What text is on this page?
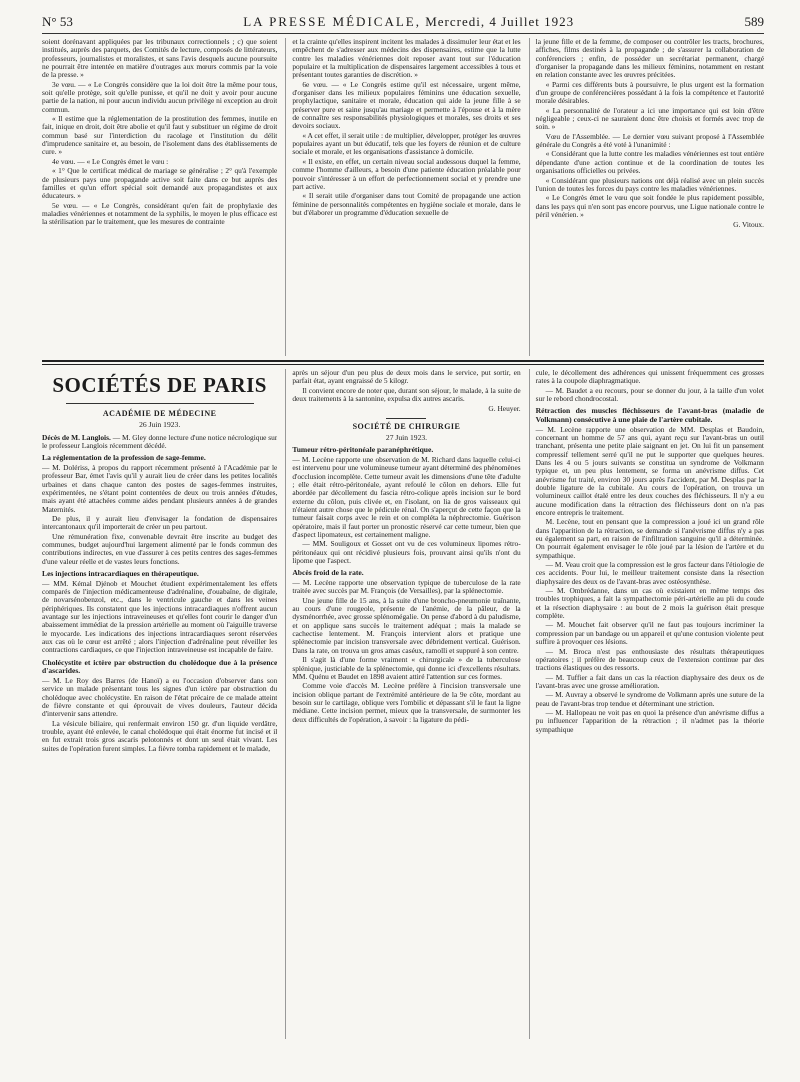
N° 53	LA PRESSE MÉDICALE, Mercredi, 4 Juillet 1923	589

soient dorénavant appliquées par les tribunaux correctionnels ; c) que soient institués, auprès des parquets, des Comités de lecture, composés de littérateurs, professeurs, journalistes et moralistes, et sans l'avis desquels aucune poursuite ne pourrait être intentée en matière d'outrages aux mœurs commis par la voie de la presse. »

3e vœu. — « Le Congrès considère que la loi doit être la même pour tous, soit qu'elle protège, soit qu'elle punisse, et qu'il ne doit y avoir pour aucune partie de la nation, ni pour aucun individu aucun privilège ni exception au droit commun.

« Il estime que la réglementation de la prostitution des femmes, inutile en fait, inique en droit, doit être abolie et qu'il faut y substituer un régime de droit commun basé sur l'interdiction du racolage et l'institution du délit d'imprudence sanitaire et, au besoin, de l'isolement dans des établissements de cure. »

4e vœu. — « Le Congrès émet le vœu :

« 1° Que le certificat médical de mariage se généralise ; 2° qu'à l'exemple de plusieurs pays une propagande active soit faite dans ce but auprès des familles et qu'un effort spécial soit demandé aux propagandistes et aux éducateurs. »

5e vœu. — « Le Congrès, considérant qu'en fait de prophylaxie des maladies vénériennes et notamment de la syphilis, le moyen le plus efficace est la stérilisation par le traitement, que les mesures de contrainte

et la crainte qu'elles inspirent incitent les malades à dissimuler leur état et les empêchent de s'adresser aux médecins des dispensaires, estime que la lutte contre les maladies vénériennes doit reposer avant tout sur l'éducation populaire et la multiplication de dispensaires largement accessibles à tous et présentant toutes garanties de discrétion. »

6e vœu. — « Le Congrès estime qu'il est nécessaire, urgent même, d'organiser dans les milieux populaires féminins une éducation sexuelle, prophylactique, sanitaire et morale, éducation qui aide la jeune fille à se préserver pure et saine jusqu'au mariage et permette à l'épouse et à la mère de connaître ses responsabilités physiologiques et morales, ses droits et ses devoirs sociaux.

« A cet effet, il serait utile : de multiplier, développer, protéger les œuvres populaires ayant un but éducatif, tels que les foyers de réunion et de culture sociale et morale, et les organisations d'assistance à domicile.

« Il existe, en effet, un certain niveau social audessous duquel la femme, comme l'homme d'ailleurs, a besoin d'une patiente éducation préalable pour pouvoir s'intéresser à un effort de perfectionnement social et y prendre une part active.

« Il serait utile d'organiser dans tout Comité de propagande une action féminine de personnalités compétentes en hygiène sociale et morale, dans le but d'élaborer un programme d'éducation sexuelle de

la jeune fille et de la femme, de composer ou contrôler les tracts, brochures, affiches, films destinés à la propagande ; de s'assurer la collaboration de conférenciers ; enfin, de posséder un secrétariat permanent, chargé d'organiser la propagande dans les milieux féminins, notamment en restant en relation constante avec les œuvres précitées.

« Parmi ces différents buts à poursuivre, le plus urgent est la formation d'un groupe de conférencières possédant à la fois la compétence et l'autorité morale désirables.

« La personnalité de l'orateur a ici une importance qui est loin d'être négligeable ; ceux-ci ne sauraient donc être choisis et formés avec trop de soin. »

Vœu de l'Assemblée. — Le dernier vœu suivant proposé à l'Assemblée générale du Congrès a été voté à l'unanimité :

« Considérant que la lutte contre les maladies vénériennes est tout entière dépendante d'une action continue et de la coordination de toutes les organisations officielles ou privées.

« Considérant que plusieurs nations ont déjà réalisé avec un plein succès l'union de toutes les forces du pays contre les maladies vénériennes.

« Le Congrès émet le vœu que soit fondée le plus rapidement possible, dans les pays qui n'en sont pas encore pourvus, une Ligue nationale contre le péril vénérien. »

G. Vitoux.
SOCIÉTÉS DE PARIS
ACADÉMIE DE MÉDECINE
26 Juin 1923.

Décès de M. Langlois. — M. Gley donne lecture d'une notice nécrologique sur le professeur Langlois récemment décédé.

La réglementation de la profession de sage-femme.

— M. Dolériss, à propos du rapport récemment présenté à l'Académie par le professeur Bar, émet l'avis qu'il y aurait lieu de créer dans les petites localités urbaines et dans chaque canton des postes de sages-femmes instruites, expérimentées, ne s'étant point contentées de deux ou trois années d'études, mais ayant été attachées comme aides pendant plusieurs années à de grandes Maternités.

De plus, il y aurait lieu d'envisager la fondation de dispensaires intercantonaux qu'il importerait de créer un peu partout.

Une rémunération fixe, convenable devrait être inscrite au budget des communes, budget aujourd'hui largement alimenté par le fonds commun des contributions indirectes, en vue d'assurer à ces petits centres des sages-femmes d'une valeur réelle et de vastes leurs fonctions.

Les injections intracardiaques en thérapeutique.

— MM. Kémal Djénob et Mouchet étudient expérimentalement les effets comparés de l'injection médicamenteuse d'adrénaline, d'ouabaïne, de digitale, de novarsénobenzol, etc., dans le ventricule gauche et dans les veines périphériques. Ils constatent que les injections intracardiaques n'offrent aucun avantage sur les injections intraveineuses et qu'elles font courir le danger d'un abaissement immédiat de la pression artérielle au moment où l'aiguille traverse le myocarde. Les indications des injections intracardiaques seront réservées aux cas où le cœur est arrêté ; alors l'injection d'adrénaline peut réveiller les contractions cardiaques, ce que l'injection intraveineuse est incapable de faire.

Cholécystite et ictère par obstruction du cholédoque due à la présence d'ascarides.

— M. Le Roy des Barres (de Hanoï) a eu l'occasion d'observer dans son service un malade présentant tous les signes d'un ictère par obstruction du cholédoque avec cholécystite. En raison de l'état précaire de ce malade atteint de fièvre constante et qui éprouvait de vives douleurs, l'auteur décida d'intervenir sans attendre.

La vésicule biliaire, qui renfermait environ 150 gr. d'un liquide verdâtre, trouble, ayant été enlevée, le canal cholédoque qui était énorme fut incisé et il en fut extrait trois gros ascaris pelotonnés et dont un seul était vivant. Les suites de l'opération furent simples. La fièvre tomba rapidement et le malade,

après un séjour d'un peu plus de deux mois dans le service, put sortir, en parfait état, ayant engraissé de 5 kilogr.

Il convient encore de noter que, durant son séjour, le malade, à la suite de deux traitements à la santonine, expulsa dix autres ascaris.

G. Heuyer.
SOCIÉTÉ DE CHIRURGIE
27 Juin 1923.
Tumeur rétro-péritonéale paranéphrétique.

— M. Lecène rapporte une observation de M. Richard dans laquelle celui-ci est intervenu pour une volumineuse tumeur ayant déterminé des phénomènes d'occlusion incomplète. Cette tumeur avait les dimensions d'une tête d'adulte ; elle était rétro-péritonéale, ayant refoulé le côlon en dehors. Elle fut abordée par décollement du fascia rétro-colique après incision sur le bord externe du côlon, puis clivée et, en l'isolant, on lia de gros vaisseaux qui n'étaient autre chose que le pédicule rénal. On s'aperçut de cette façon que la tumeur faisait corps avec le rein et on compléta la néphrectomie. Guérison opératoire, mais il faut porter un pronostic réservé car cette tumeur, bien que d'aspect lipomateux, est certainement maligne.

— MM. Souligoux et Gosset ont vu de ces volumineux lipomes rétro-péritonéaux qui ont récidivé plusieurs fois, prouvant ainsi qu'ils n'ont du lipome que l'aspect.

Abcès froid de la rate.

— M. Lecène rapporte une observation typique de tuberculose de la rate traitée avec succès par M. François (de Versailles), par la splénectomie.

Une jeune fille de 15 ans, à la suite d'une broncho-pneumonie traînante, au cours d'une rougeole, présente de l'anémie, de la pâleur, de la dysménorrhée, avec grosse splénomégalie. On pense d'abord à du paludisme, et on applique sans succès le traitement adéquat ; mais la malade se cachectise lentement. M. François intervient alors et pratique une splénectomie par incision transversale avec débridement vertical. Guérison. Dans la rate, on trouva un gros amas caséux, ramolli et suppuré à son centre.

Il s'agit là d'une forme vraiment « chirurgicale » de la tuberculose splénique, justiciable de la splénectomie, qui donne ici d'excellents résultats. MM. Quénu et Baudet en 1898 avaient attiré l'attention sur ces formes.

Comme voie d'accès M. Lecène préfère à l'incision transversale une incision oblique partant de l'extrémité antérieure de la 9e côte, mordant au besoin sur le cartilage, oblique vers l'ombilic et dépassant s'il le faut la ligne médiane. Cette incision permet, mieux que la transversale, de surmonter les deux difficultés de l'opération, à savoir : la ligature du pédi-

cule, le décollement des adhérences qui unissent fréquemment ces grosses rates à la coupole diaphragmatique.

— M. Baudet a eu recours, pour se donner du jour, à la taille d'un volet sur le rebord chondrocostal.

Rétraction des muscles fléchisseurs de l'avant-bras (maladie de Volkmann) consécutive à une plaie de l'artère cubitale.

— M. Lecène rapporte une observation de MM. Desplas et Baudoin, concernant un homme de 57 ans qui, ayant reçu sur l'avant-bras un outil tranchant, présenta une petite plaie saignant en jet. On lui fit un pansement compressif tellement serré qu'il ne put le supporter que quelques heures. Dans les 4 ou 5 jours suivants se constitua un syndrome de Volkmann typique et, un peu plus lentement, se forma un anévrisme diffus. Cet anévrisme fut traité, environ 30 jours après l'accident, par M. Desplas par la double ligature de la cubitale. Au cours de l'opération, on trouva un volumineux caillot étalé entre les deux couches des fléchisseurs. Il n'y a eu aucune modification dans la rétraction des fléchisseurs dont on n'a pas encore entrepris le traitement.

M. Lecène, tout en pensant que la compression a joué ici un grand rôle dans l'apparition de la rétraction, se demande si l'anévrisme diffus n'y a pas eu également sa part, en raison de l'infiltration sanguine qu'il a déterminée. On pourrait également envisager le rôle joué par la lésion de l'artère et du sympathique.

— M. Veau croit que la compression est le gros facteur dans l'étiologie de ces accidents. Pour lui, le meilleur traitement consiste dans la résection diaphysaire des deux os de l'avant-bras avec ostéosynthèse.

— M. Ombrédanne, dans un cas où existaient en même temps des troubles trophiques, a fait la sympathectomie péri-artérielle au pli du coude et la résection diaphysaire : au bout de 2 mois la guérison était presque complète.

— M. Mouchet fait observer qu'il ne faut pas toujours incriminer la compression par un bandage ou un appareil et qu'une contusion violente peut suffire à provoquer ces lésions.

— M. Broca n'est pas enthousiaste des résultats thérapeutiques opératoires ; il préfère de beaucoup ceux de l'extension continue par des tractions élastiques ou des ressorts.

— M. Tuffier a fait dans un cas la réaction diaphysaire des deux os de l'avant-bras avec une grosse amélioration.

— M. Auvray a observé le syndrome de Volkmann après une suture de la peau de l'avant-bras trop tendue et déterminant une striction.

— M. Hallopeau ne voit pas en quoi la présence d'un anévrisme diffus a pu influencer l'apparition de la rétraction ; il n'admet pas la théorie sympathique
